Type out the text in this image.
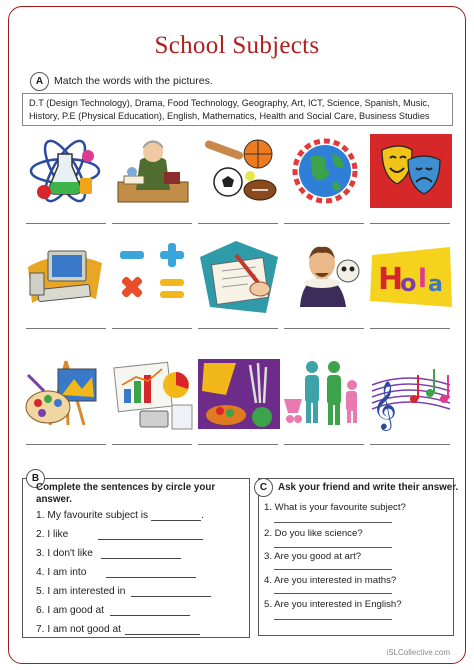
School Subjects
A	Match the words with the pictures.
D.T (Design Technology), Drama, Food Technology, Geography, Art, ICT, Science, Spanish, Music,
History, P.E (Physical Education), English, Mathematics, Health and Social Care, Business Studies
H
o l a
𝄞
B
Complete the sentences by circle your answer.
1. My favourite subject is	.
2. I like
3. I don't like
4. I am into
5. I am interested in
6. I am good at
7. I am not good at
C	Ask your friend and write their answer.
1. What is your favourite subject?
2. Do you like science?
3. Are you good at art?
4. Are you interested in maths?
5. Are you interested in English?
iSLCollective.com
